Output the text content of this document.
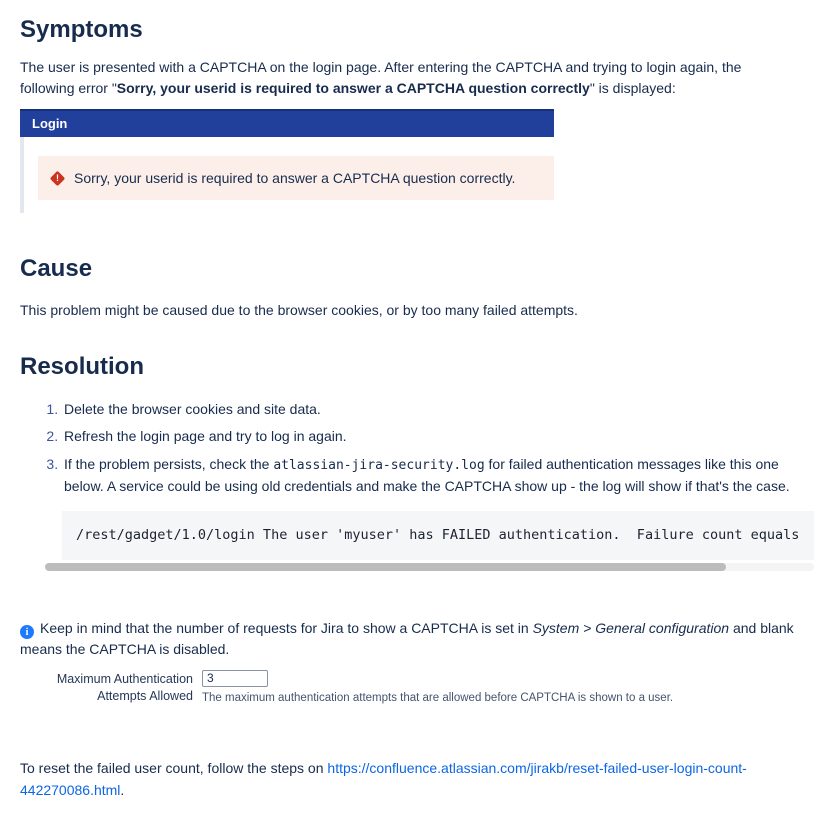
Symptoms

The user is presented with a CAPTCHA on the login page. After entering the CAPTCHA and trying to login again, the following error "Sorry, your userid is required to answer a CAPTCHA question correctly" is displayed:

Login
! Sorry, your userid is required to answer a CAPTCHA question correctly.
Cause

This problem might be caused due to the browser cookies, or by too many failed attempts.

Resolution
1. Delete the browser cookies and site data.
2. Refresh the login page and try to log in again.
3. If the problem persists, check the atlassian-jira-security.log for failed authentication messages like this one below. A service could be using old credentials and make the CAPTCHA show up - the log will show if that's the case.
/rest/gadget/1.0/login The user 'myuser' has FAILED authentication.  Failure count equals

i Keep in mind that the number of requests for Jira to show a CAPTCHA is set in System > General configuration and blank means the CAPTCHA is disabled.

Maximum Authentication
Attempts Allowed
3 The maximum authentication attempts that are allowed before CAPTCHA is shown to a user.

To reset the failed user count, follow the steps on https://confluence.atlassian.com/jirakb/reset-failed-user-login-count-442270086.html.
